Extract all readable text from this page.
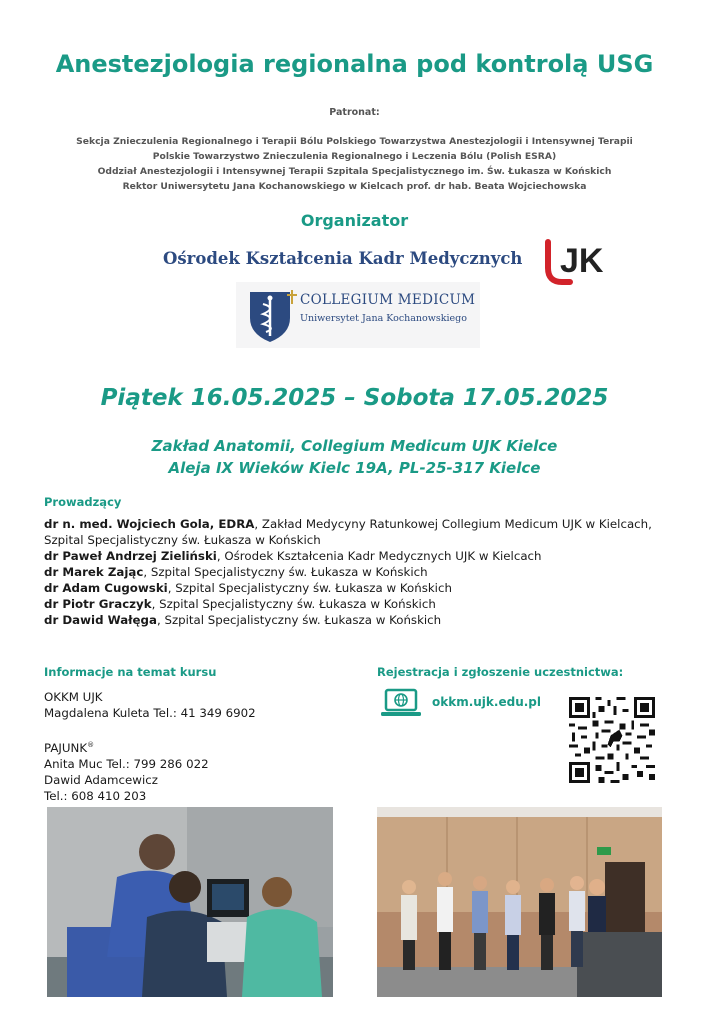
Anestezjologia regionalna pod kontrolą USG
Patronat:
Sekcja Znieczulenia Regionalnego i Terapii Bólu Polskiego Towarzystwa Anestezjologii i Intensywnej Terapii
Polskie Towarzystwo Znieczulenia Regionalnego i Leczenia Bólu (Polish ESRA)
Oddział Anestezjologii i Intensywnej Terapii Szpitala Specjalistycznego im. Św. Łukasza w Końskich
Rektor Uniwersytetu Jana Kochanowskiego w Kielcach prof. dr hab. Beata Wojciechowska
Organizator
Ośrodek Kształcenia Kadr Medycznych JK
COLLEGIUM MEDICUM
Uniwersytet Jana Kochanowskiego
Piątek 16.05.2025 – Sobota 17.05.2025
Zakład Anatomii, Collegium Medicum UJK Kielce
Aleja IX Wieków Kielc 19A, PL-25-317 Kielce
Prowadzący
dr n. med. Wojciech Gola, EDRA, Zakład Medycyny Ratunkowej Collegium Medicum UJK w Kielcach, Szpital Specjalistyczny św. Łukasza w Końskich
dr Paweł Andrzej Zieliński, Ośrodek Kształcenia Kadr Medycznych UJK w Kielcach
dr Marek Zając, Szpital Specjalistyczny św. Łukasza w Końskich
dr Adam Cugowski, Szpital Specjalistyczny św. Łukasza w Końskich
dr Piotr Graczyk, Szpital Specjalistyczny św. Łukasza w Końskich
dr Dawid Wałęga, Szpital Specjalistyczny św. Łukasza w Końskich
Informacje na temat kursu
OKKM UJK
Magdalena Kuleta Tel.: 41 349 6902
PAJUNK®
Anita Muc Tel.: 799 286 022
Dawid Adamcewicz
Tel.: 608 410 203
Rejestracja i zgłoszenie uczestnictwa:
okkm.ujk.edu.pl
